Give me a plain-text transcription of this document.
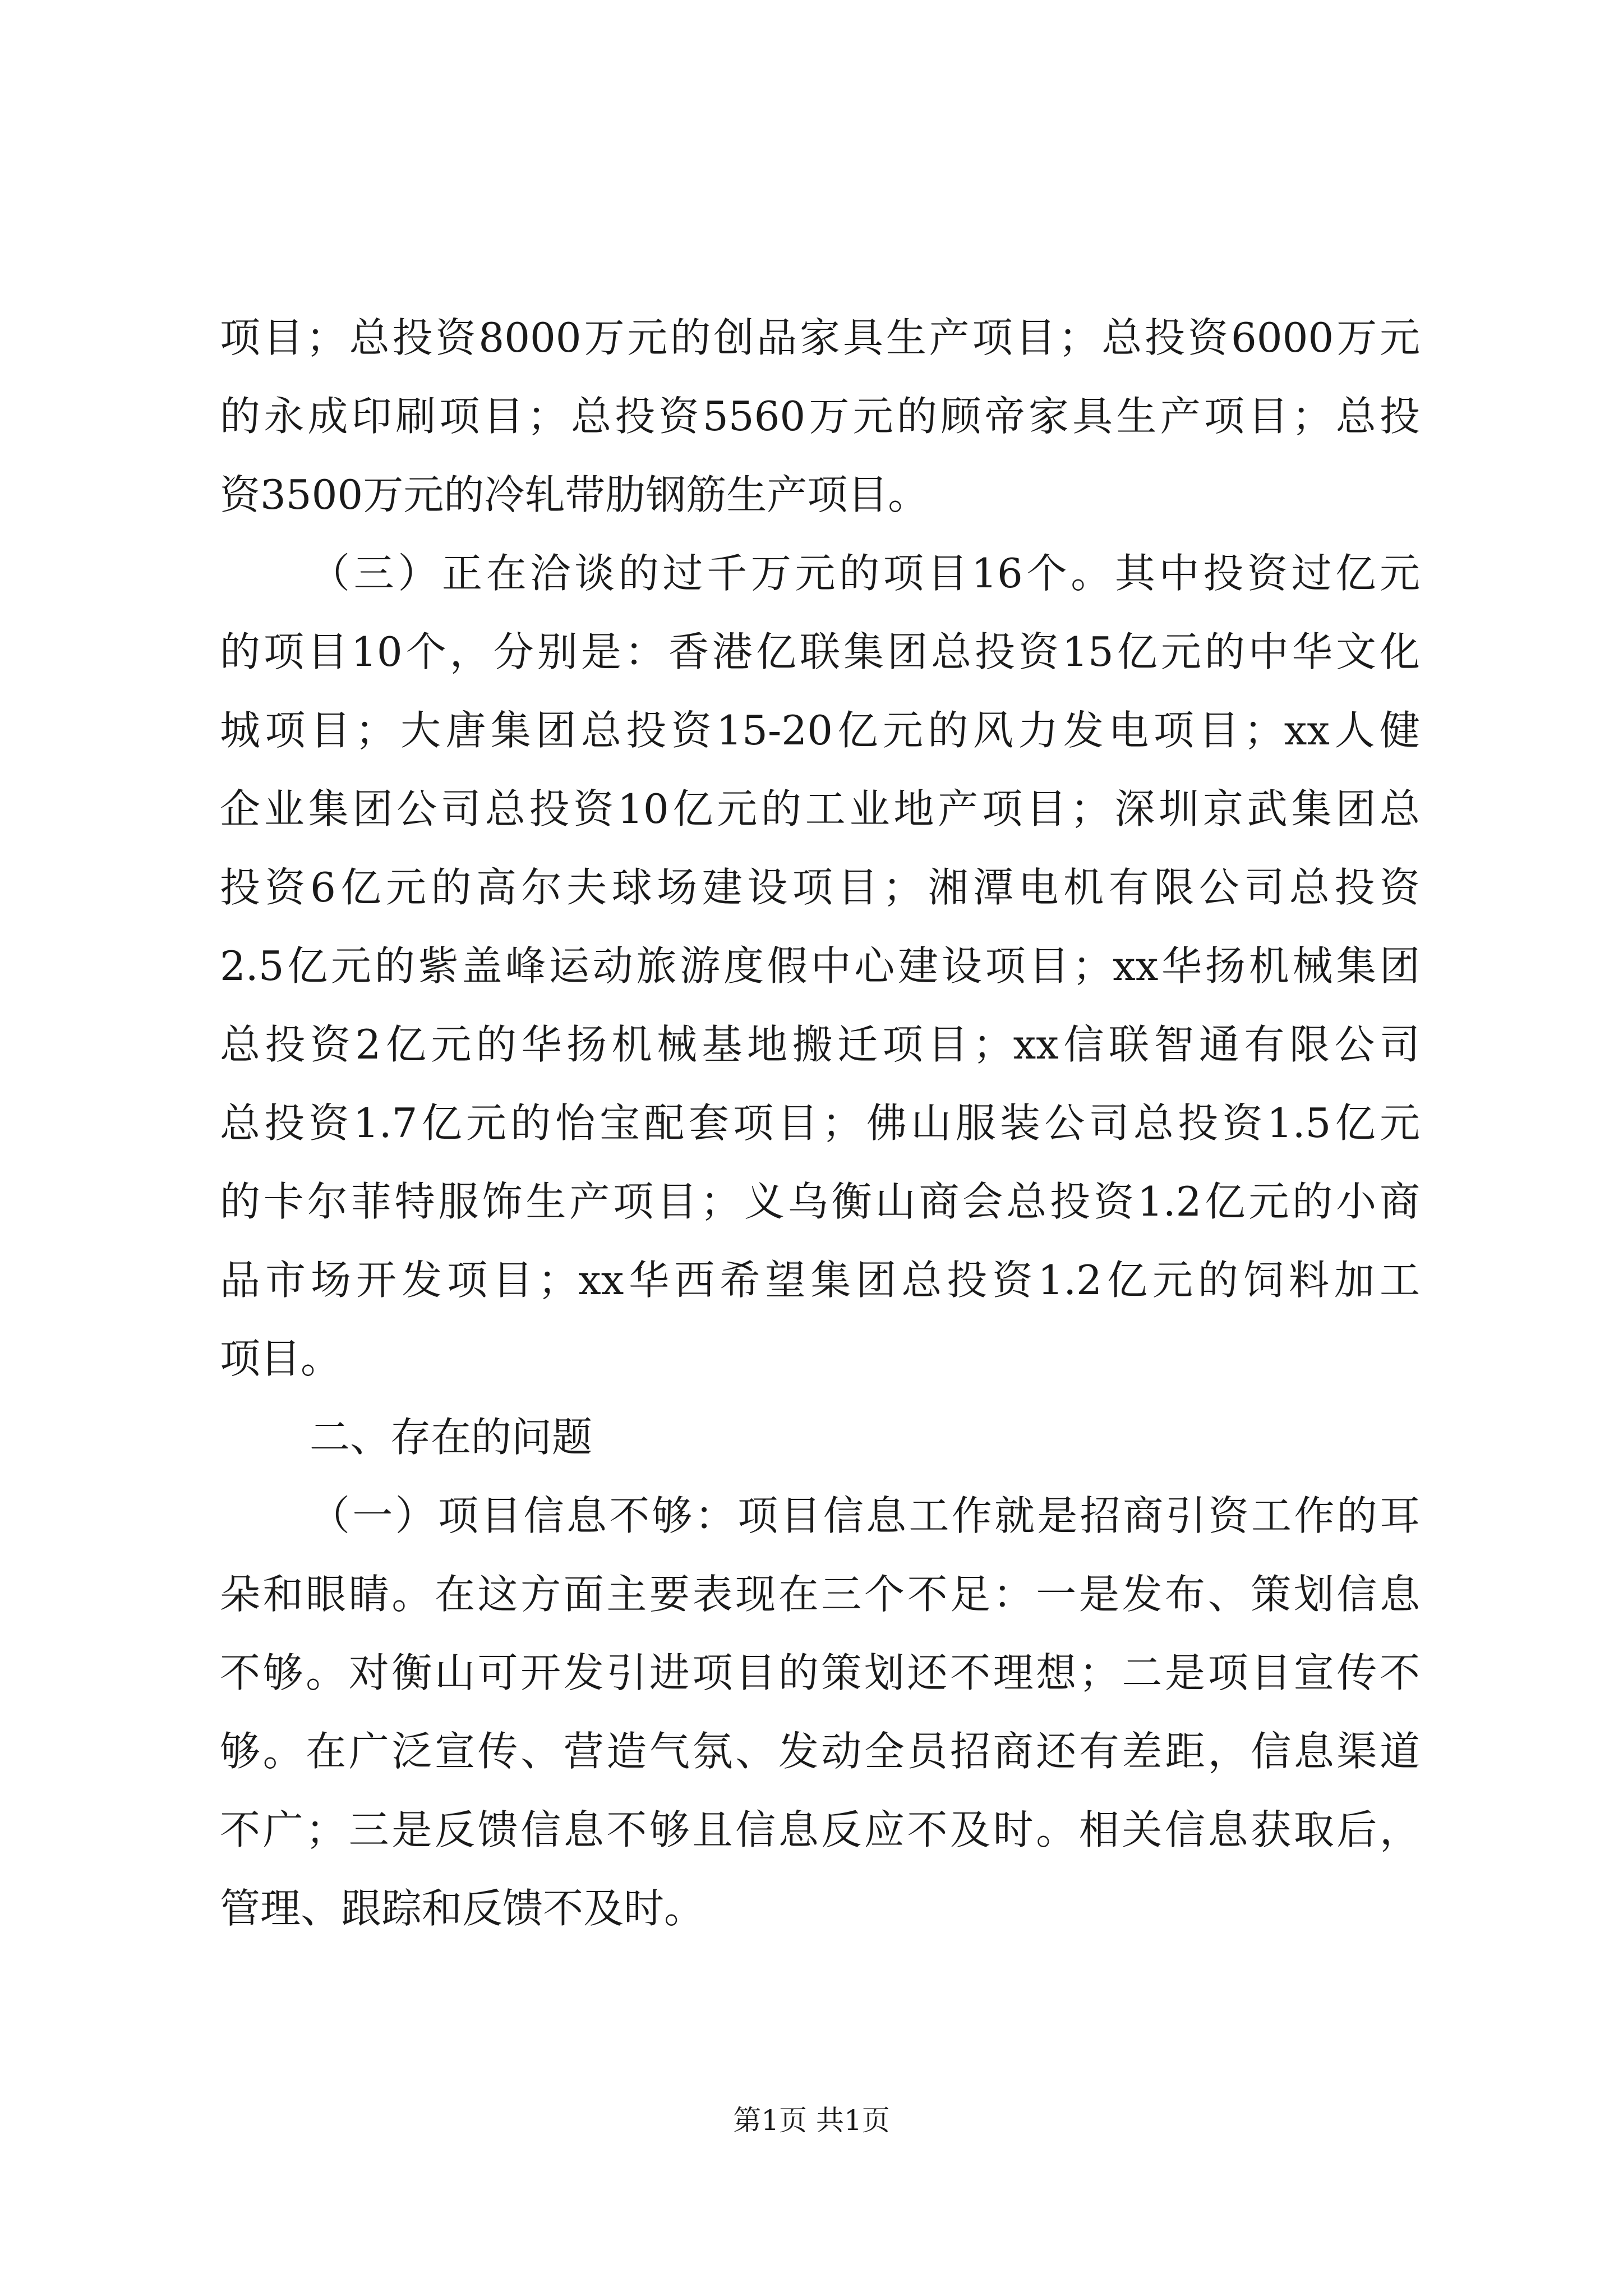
项目；总投资8000万元的创品家具生产项目；总投资6000万元
的永成印刷项目；总投资5560万元的顾帝家具生产项目；总投
资3500万元的冷轧带肋钢筋生产项目。
（三）正在洽谈的过千万元的项目16个。其中投资过亿元
的项目10个，分别是：香港亿联集团总投资15亿元的中华文化
城项目；大唐集团总投资15-20亿元的风力发电项目；xx人健
企业集团公司总投资10亿元的工业地产项目；深圳京武集团总
投资6亿元的高尔夫球场建设项目；湘潭电机有限公司总投资
2.5亿元的紫盖峰运动旅游度假中心建设项目；xx华扬机械集团
总投资2亿元的华扬机械基地搬迁项目；xx信联智通有限公司
总投资1.7亿元的怡宝配套项目；佛山服装公司总投资1.5亿元
的卡尔菲特服饰生产项目；义乌衡山商会总投资1.2亿元的小商
品市场开发项目；xx华西希望集团总投资1.2亿元的饲料加工
项目。
二、存在的问题
（一）项目信息不够：项目信息工作就是招商引资工作的耳
朵和眼睛。在这方面主要表现在三个不足：一是发布、策划信息
不够。对衡山可开发引进项目的策划还不理想；二是项目宣传不
够。在广泛宣传、营造气氛、发动全员招商还有差距，信息渠道
不广；三是反馈信息不够且信息反应不及时。相关信息获取后，
管理、跟踪和反馈不及时。
第1页 共1页
